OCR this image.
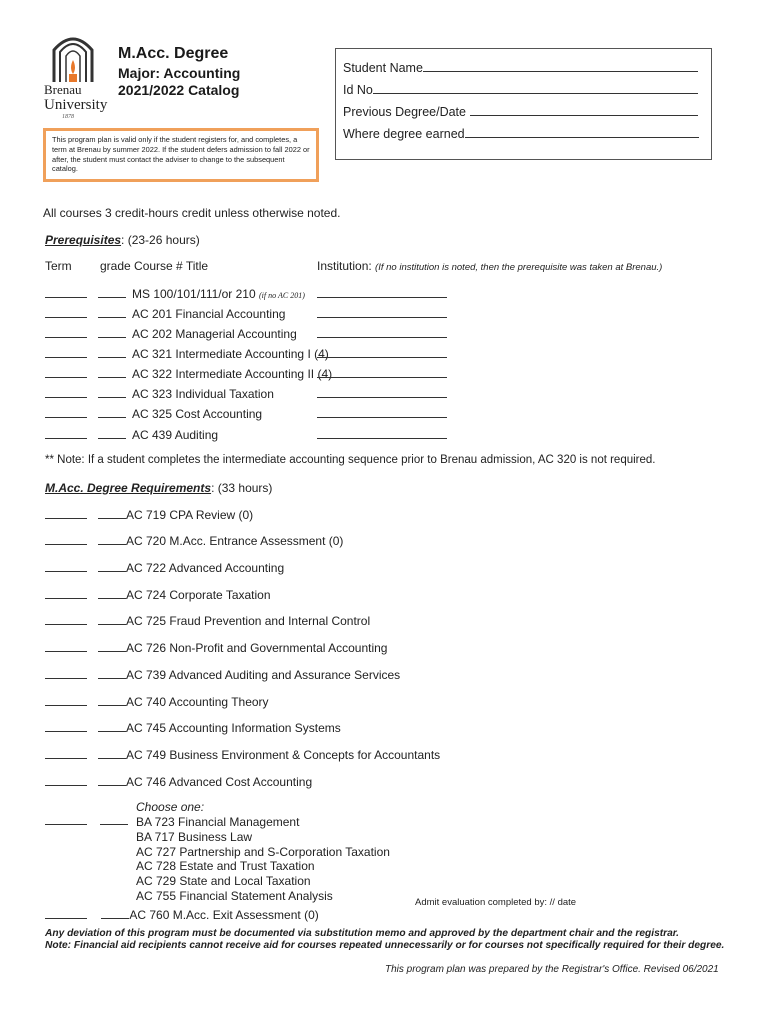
Brenau
University
1878
M.Acc. Degree
Major: Accounting
2021/2022 Catalog
This program plan is valid only if the student registers for, and completes, a term at Brenau by summer 2022. If the student defers admission to fall 2022 or after, the student must contact the adviser to change to the subsequent catalog.
Student Name
Id No
Previous Degree/Date
Where degree earned
All courses 3 credit-hours credit unless otherwise noted.
Prerequisites: (23-26 hours)
Term grade Course # Title	Institution: (If no institution is noted, then the prerequisite was taken at Brenau.)
MS 100/101/111/or 210 (if no AC 201)
AC 201 Financial Accounting
AC 202 Managerial Accounting
AC 321 Intermediate Accounting I (4)
AC 322 Intermediate Accounting II (4)
AC 323 Individual Taxation
AC 325 Cost Accounting
AC 439 Auditing
** Note: If a student completes the intermediate accounting sequence prior to Brenau admission, AC 320 is not required.
M.Acc. Degree Requirements: (33 hours)
AC 719 CPA Review (0)
AC 720 M.Acc. Entrance Assessment (0)
AC 722 Advanced Accounting
AC 724 Corporate Taxation
AC 725 Fraud Prevention and Internal Control
AC 726 Non-Profit and Governmental Accounting
AC 739 Advanced Auditing and Assurance Services
AC 740 Accounting Theory
AC 745 Accounting Information Systems
AC 749 Business Environment & Concepts for Accountants
AC 746 Advanced Cost Accounting
Choose one:
BA 723 Financial Management
BA 717 Business Law
AC 727 Partnership and S-Corporation Taxation
AC 728 Estate and Trust Taxation
AC 729 State and Local Taxation
AC 755 Financial Statement Analysis	Admit evaluation completed by: // date
AC 760 M.Acc. Exit Assessment (0)
Any deviation of this program must be documented via substitution memo and approved by the department chair and the registrar.
Note: Financial aid recipients cannot receive aid for courses repeated unnecessarily or for courses not specifically required for their degree.
This program plan was prepared by the Registrar's Office. Revised 06/2021
